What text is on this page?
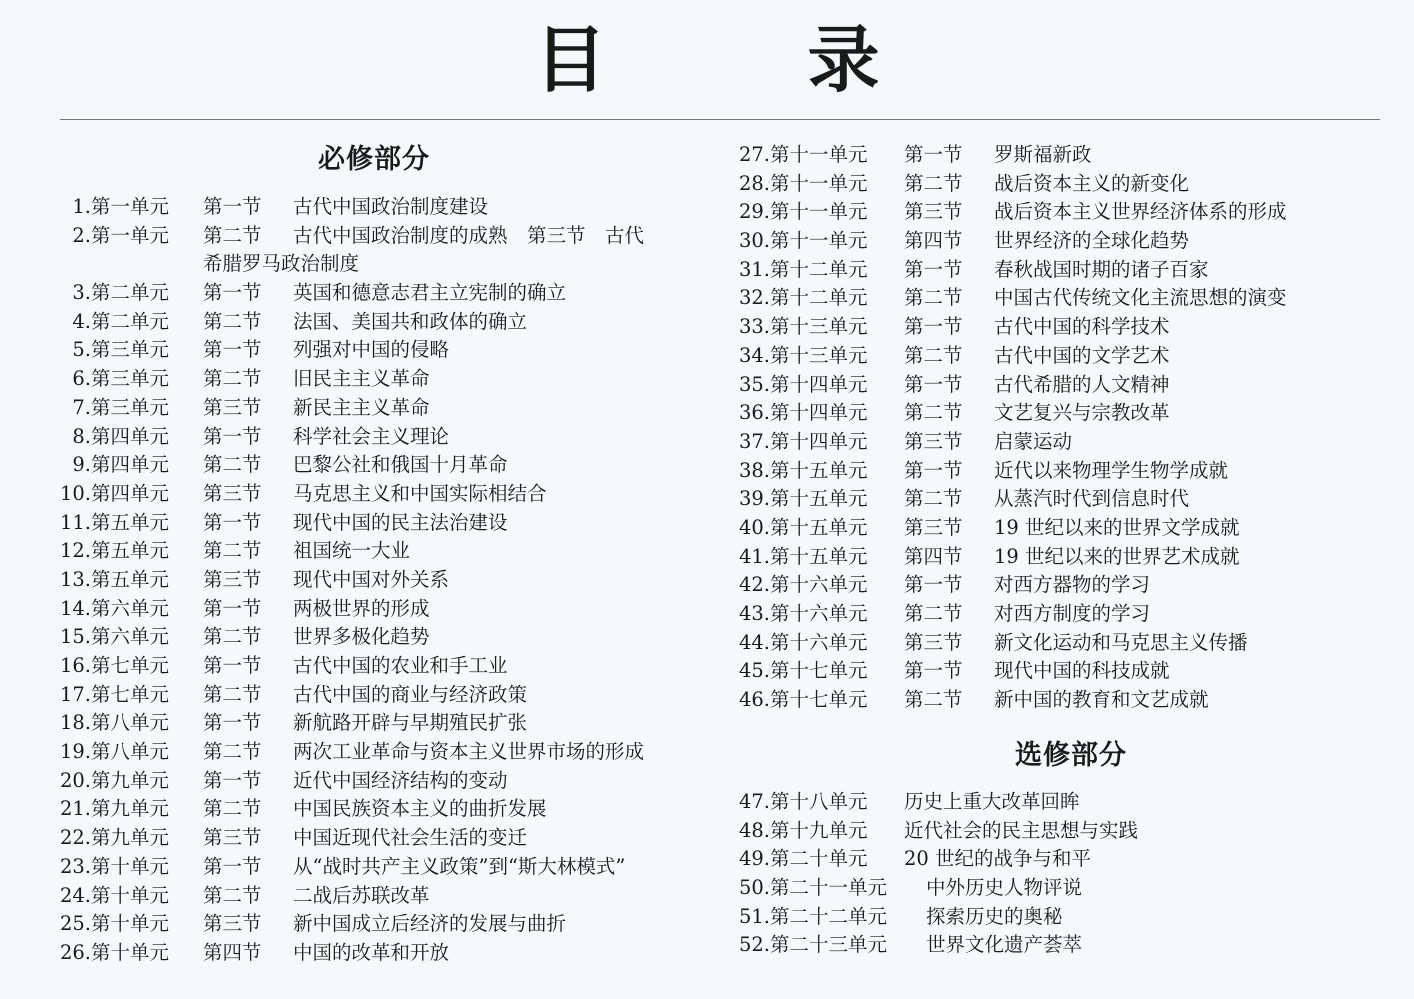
目 录
必修部分
选修部分
1. 第一单元	第一节	古代中国政治制度建设
2. 第一单元	第二节	古代中国政治制度的成熟　第三节　古代
希腊罗马政治制度
3. 第二单元	第一节	英国和德意志君主立宪制的确立
4. 第二单元	第二节	法国、美国共和政体的确立
5. 第三单元	第一节	列强对中国的侵略
6. 第三单元	第二节	旧民主主义革命
7. 第三单元	第三节	新民主主义革命
8. 第四单元	第一节	科学社会主义理论
9. 第四单元	第二节	巴黎公社和俄国十月革命
10. 第四单元	第三节	马克思主义和中国实际相结合
11. 第五单元	第一节	现代中国的民主法治建设
12. 第五单元	第二节	祖国统一大业
13. 第五单元	第三节	现代中国对外关系
14. 第六单元	第一节	两极世界的形成
15. 第六单元	第二节	世界多极化趋势
16. 第七单元	第一节	古代中国的农业和手工业
17. 第七单元	第二节	古代中国的商业与经济政策
18. 第八单元	第一节	新航路开辟与早期殖民扩张
19. 第八单元	第二节	两次工业革命与资本主义世界市场的形成
20. 第九单元	第一节	近代中国经济结构的变动
21. 第九单元	第二节	中国民族资本主义的曲折发展
22. 第九单元	第三节	中国近现代社会生活的变迁
23. 第十单元	第一节	从“战时共产主义政策”到“斯大林模式”
24. 第十单元	第二节	二战后苏联改革
25. 第十单元	第三节	新中国成立后经济的发展与曲折
26. 第十单元	第四节	中国的改革和开放
27. 第十一单元	第一节	罗斯福新政
28. 第十一单元	第二节	战后资本主义的新变化
29. 第十一单元	第三节	战后资本主义世界经济体系的形成
30. 第十一单元	第四节	世界经济的全球化趋势
31. 第十二单元	第一节	春秋战国时期的诸子百家
32. 第十二单元	第二节	中国古代传统文化主流思想的演变
33. 第十三单元	第一节	古代中国的科学技术
34. 第十三单元	第二节	古代中国的文学艺术
35. 第十四单元	第一节	古代希腊的人文精神
36. 第十四单元	第二节	文艺复兴与宗教改革
37. 第十四单元	第三节	启蒙运动
38. 第十五单元	第一节	近代以来物理学生物学成就
39. 第十五单元	第二节	从蒸汽时代到信息时代
40. 第十五单元	第三节	19 世纪以来的世界文学成就
41. 第十五单元	第四节	19 世纪以来的世界艺术成就
42. 第十六单元	第一节	对西方器物的学习
43. 第十六单元	第二节	对西方制度的学习
44. 第十六单元	第三节	新文化运动和马克思主义传播
45. 第十七单元	第一节	现代中国的科技成就
46. 第十七单元	第二节	新中国的教育和文艺成就
47. 第十八单元	历史上重大改革回眸
48. 第十九单元	近代社会的民主思想与实践
49. 第二十单元	20 世纪的战争与和平
50. 第二十一单元	中外历史人物评说
51. 第二十二单元	探索历史的奥秘
52. 第二十三单元	世界文化遗产荟萃
